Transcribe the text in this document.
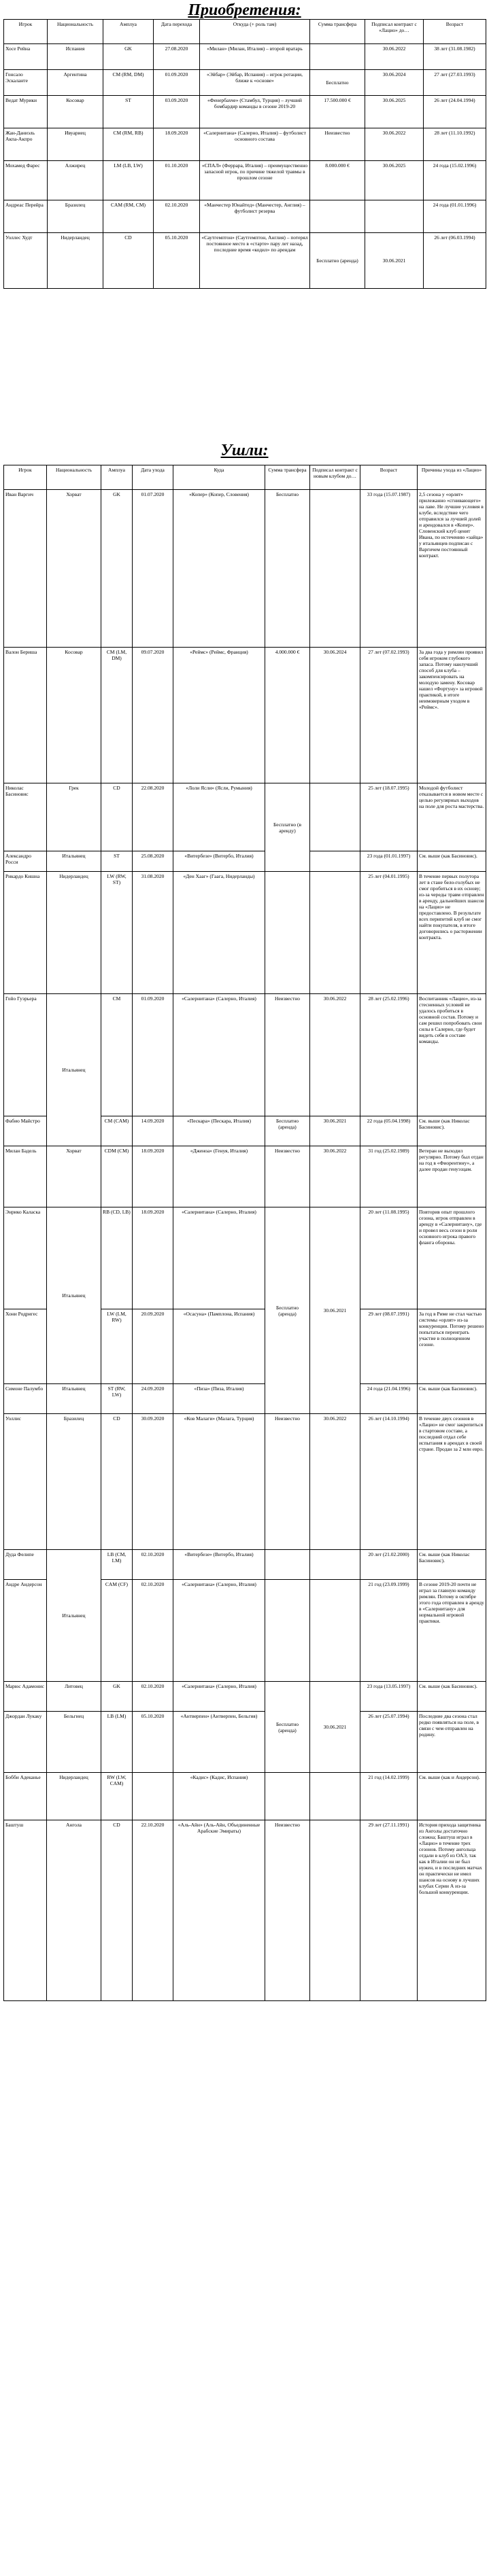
Приобретения:
Игрок	Национальность	Амплуа	Дата перехода	Откуда (+ роль там)	Сумма трансфера	Подписал контракт с «Лацио» до…	Возраст
Хосе Рейна	Испания	GK	27.08.2020	«Милан» (Милан, Италия) – второй вратарь		30.06.2022	38 лет (31.08.1982)
Гонсало Эскаланте	Аргентина	CM (RM, DM)	01.09.2020	«Эйбар» (Эйбар, Испания) – игрок ротации, ближе к «основе»	Бесплатно	30.06.2024	27 лет (27.03.1993)
Ведат Мурики	Косовар	ST	03.09.2020	«Фенербахче» (Стамбул, Турция) – лучший бомбардир команды в сезоне 2019-20	17.500.000 €	30.06.2025	26 лет (24.04.1994)
Жан-Даниэль Акпа-Акпро	Ивуариец	CM (RM, RB)	18.09.2020	«Салернитана» (Салерно, Италия) – футболист основного состава	Неизвестно	30.06.2022	28 лет (11.10.1992)
Мохамед Фарес	Алжирец	LM (LB, LW)	01.10.2020	«СПАЛ» (Феррара, Италия) – преимущественно запасной игрок, по причине тяжелой травмы в прошлом сезоне	8.000.000 €	30.06.2025	24 года (15.02.1996)
Андреас Перейра	Бразилец	CAM (RM, CM)	02.10.2020	«Манчестер Юнайтед» (Манчестер, Англия) – футболист резерва			24 года (01.01.1996)
Уоллес Худт	Нидерландец	CD	05.10.2020	«Саутгемптон» (Саутгемптон, Англия) – потерял постоянное место в «старте» пару лет назад, последние время «кодил» по арендам	Бесплатно (аренда)	30.06.2021	26 лет (06.03.1994)
Ушли:
Игрок	Национальность	Амплуа	Дата ухода	Куда	Сумма трансфера	Подписал контракт с новым клубом до…	Возраст	Причины ухода из «Лацио»
Иван Варгич	Хорват	GK	01.07.2020	«Копер» (Копер, Словения)	Бесплатно		33 года (15.07.1987)	2,5 сезона у «орлят» прилежанно «сгнивающего» на лаве. Не лучшие условия в клубе, вследствие чего отправился за лучшей долей и арендовался в «Копер». Словенский клуб ценит Ивана, по истечению «зайца» у итальянцев подписан с Варгичем постоянный контракт.
Валон Бериша	Косовар	CM (LM, DM)	09.07.2020	«Реймс» (Реймс, Франция)	4.000.000 €	30.06.2024	27 лет (07.02.1993)	За два года у римлян проявил себя игроком глубокого запаса. Потому наилучший способ для клуба – закомпенсировать на молодую замену. Косовар нашел «Фортуну» за игровой практикой, в итоге неимоверным уходом в «Реймс».
Николас Басиновис	Грек	CD	22.08.2020	«Лоли Ясли» (Ясли, Румыния)	Бесплатно (в аренду)		25 лет (18.07.1995)	Молодой футболист отказывается в новом месте с целью регулярных выходов на поле для роста мастерства.
Александро Росси	Итальянец	ST	25.08.2020	«Витербезе» (Витербо, Италия)			23 года (01.01.1997)	См. выше (как Басиновис).
Рикардо Кишна	Нидерландец	LW (RW, ST)	31.08.2020	«Ден Хааг» (Гаага, Нидерланды)			25 лет (04.01.1995)	В течение первых полутора лет в стане бело-голубых не смог пробиться в их основу; из-за череды травм отправлен в аренду, дальнейших шансов на «Лацио» не предоставлено. В результате всех перипетий клуб не смог найти покупателя, в итоге договорились о расторжении контракта.
Гойо Гуэрьера	Итальянец	CM	01.09.2020	«Салернитана» (Салерно, Италия)	Неизвестно	30.06.2022	28 лет (25.02.1996)	Воспитанник «Лацио», из-за стесненных условий не удалось пробиться в основной состав. Потому и сам решил попробовать свои силы в Салерно, где будет видеть себя в составе команды.
Фабио Майстро		CM (CAM)	14.09.2020	«Пескара» (Пескара, Италия)	Бесплатно (аренда)	30.06.2021	22 года (05.04.1998)	См. выше (как Николас Басиновис).
Милан Бадель	Хорват	CDM (CM)	18.09.2020	«Дженоа» (Генуя, Италия)	Неизвестно	30.06.2022	31 год (25.02.1989)	Ветеран не выходил регулярно. Потому был отдан на год в «Фиорентину», а далее продан генуэзцам.
Энрико Каласка	Итальянец	RB (CD, LB)	18.09.2020	«Салернитана» (Салерно, Италия)	Бесплатно (аренда)	30.06.2021	20 лет (11.08.1995)	Повторив опыт прошлого сезона, игрок отправлен в аренду в «Салернитану», где и провел весь сезон в роли основного игрока правого фланга обороны.
Хони Родригес		LW (LM, RW)	20.09.2020	«Осасуна» (Памплона, Испания)			29 лет (08.07.1991)	За год в Риме не стал частью системы «орлят» из-за конкуренции. Потому решено попытаться переиграть участие в полноценном сезоне.
Симоне Палумбо	Итальянец	ST (RW, LW)	24.09.2020	«Пиза» (Пиза, Италия)			24 года (21.04.1996)	См. выше (как Басиновис).
Уоллис	Бразилец	CD	30.09.2020	«Ков Малаги» (Малага, Турция)	Неизвестно	30.06.2022	26 лет (14.10.1994)	В течение двух сезонов в «Лацио» не смог закрепиться в стартовом составе, а последний отдал себе испытания в арендах в своей стране. Продан за 2 млн евро.
Дуда Фелипе	Итальянец	LB (CM, LM)	02.10.2020	«Витербезе» (Витербо, Италия)			20 лет (21.02.2000)	См. выше (как Николас Басиновис).
Андре Андерсон		CAM (CF)	02.10.2020	«Салернитана» (Салерно, Италия)			21 год (23.09.1999)	В сезоне 2019-20 почти не играл за главную команду римлян. Потому в октябре этого года отправлен в аренду в «Салернитану» для нормальной игровой практики.
Марюс Адамонис	Литовец	GK	02.10.2020	«Салернитана» (Салерно, Италия)	Бесплатно (аренда)	30.06.2021	23 года (13.05.1997)	См. выше (как Басиновис).
Джордан Лукаку	Бельгиец	LB (LM)	05.10.2020	«Антверпен» (Антверпен, Бельгия)			26 лет (25.07.1994)	Последние два сезона стал редко появляться на поле, в связи с чем отправлен на родину.
Бобби Адеканье	Нидерландец	RW (LW, CAM)		«Кадис» (Кадис, Испания)			21 год (14.02.1999)	См. выше (как и Андерсон).
Баштуш	Ангола	CD	22.10.2020	«Аль-Айн» (Аль-Айн, Объединенные Арабские Эмираты)	Неизвестно		29 лет (27.11.1991)	История прихода защитника из Анголы достаточно сложна; Баштуш играл в «Лацио» в течение трех сезонов. Потому ангольца отдали в клуб из ОАЭ, так как в Италии он не был нужен, и в последних матчах он практически не имел шансов на основу в лучших клубах Серии А из-за большой конкуренции.
